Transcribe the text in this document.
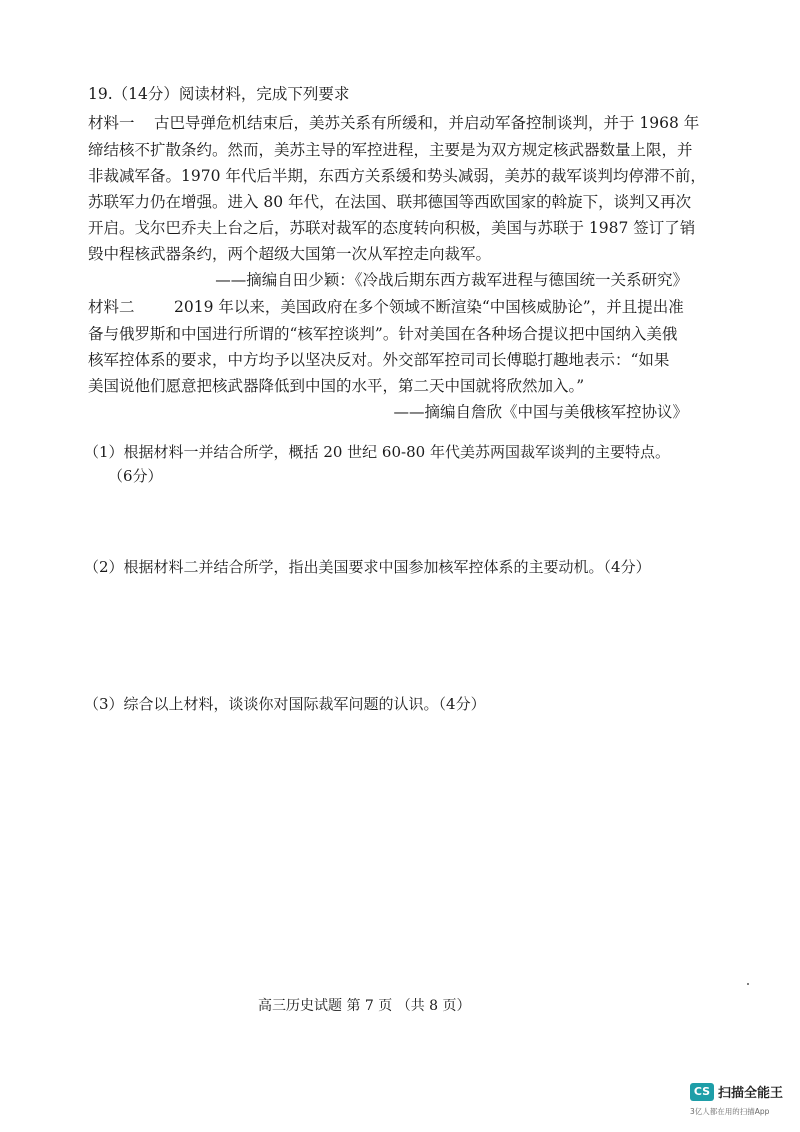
19.（14分）阅读材料，完成下列要求
材料一 古巴导弹危机结束后，美苏关系有所缓和，并启动军备控制谈判，并于 1968 年
缔结核不扩散条约。然而，美苏主导的军控进程，主要是为双方规定核武器数量上限，并
非裁减军备。1970 年代后半期，东西方关系缓和势头减弱，美苏的裁军谈判均停滞不前，
苏联军力仍在增强。进入 80 年代，在法国、联邦德国等西欧国家的斡旋下，谈判又再次
开启。戈尔巴乔夫上台之后，苏联对裁军的态度转向积极，美国与苏联于 1987 签订了销
毁中程核武器条约，两个超级大国第一次从军控走向裁军。
——摘编自田少颖：《冷战后期东西方裁军进程与德国统一关系研究》
材料二	2019 年以来，美国政府在多个领域不断渲染“中国核威胁论”，并且提出准
备与俄罗斯和中国进行所谓的“核军控谈判”。针对美国在各种场合提议把中国纳入美俄
核军控体系的要求，中方均予以坚决反对。外交部军控司司长傅聪打趣地表示：“如果
美国说他们愿意把核武器降低到中国的水平，第二天中国就将欣然加入。”
——摘编自詹欣《中国与美俄核军控协议》
（1）根据材料一并结合所学，概括 20 世纪 60-80 年代美苏两国裁军谈判的主要特点。
（6分）
（2）根据材料二并结合所学，指出美国要求中国参加核军控体系的主要动机。（4分）
（3）综合以上材料，谈谈你对国际裁军问题的认识。（4分）
高三历史试题 第 7 页 （共 8 页）
CS 扫描全能王
3亿人都在用的扫描App
